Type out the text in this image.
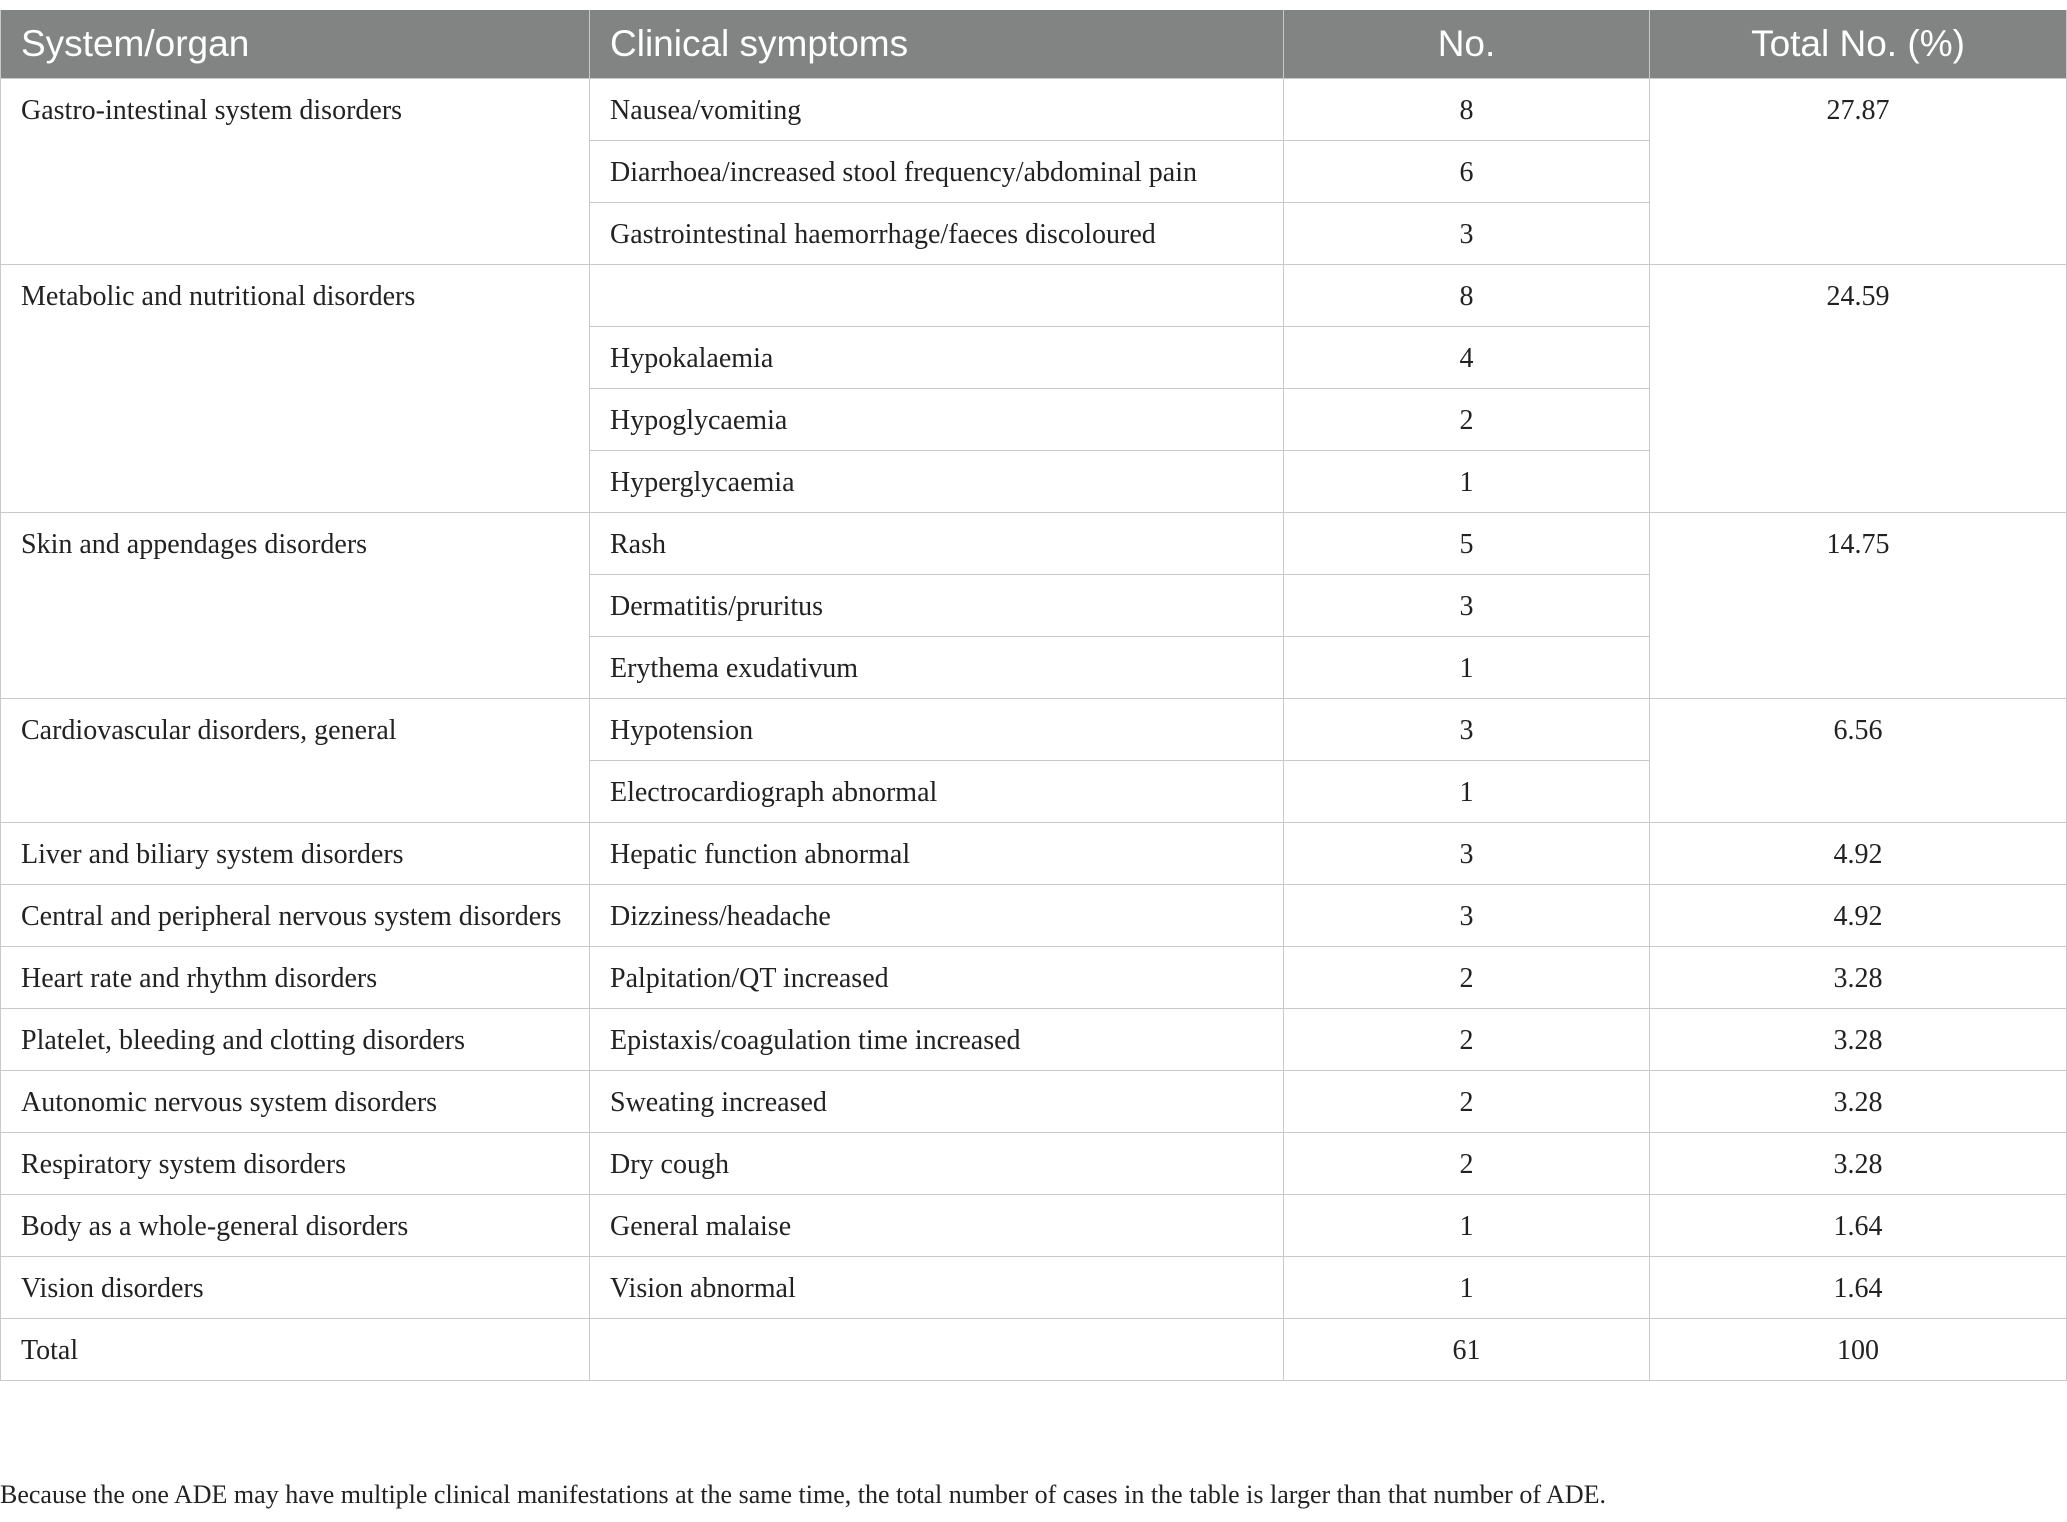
System/organ	Clinical symptoms	No.	Total No. (%)
Gastro-intestinal system disorders	Nausea/vomiting	8	27.87
	Diarrhoea/increased stool frequency/abdominal pain	6	
	Gastrointestinal haemorrhage/faeces discoloured	3	
Metabolic and nutritional disorders		8	24.59
	Hypokalaemia	4	
	Hypoglycaemia	2	
	Hyperglycaemia	1	
Skin and appendages disorders	Rash	5	14.75
	Dermatitis/pruritus	3	
	Erythema exudativum	1	
Cardiovascular disorders, general	Hypotension	3	6.56
	Electrocardiograph abnormal	1	
Liver and biliary system disorders	Hepatic function abnormal	3	4.92
Central and peripheral nervous system disorders	Dizziness/headache	3	4.92
Heart rate and rhythm disorders	Palpitation/QT increased	2	3.28
Platelet, bleeding and clotting disorders	Epistaxis/coagulation time increased	2	3.28
Autonomic nervous system disorders	Sweating increased	2	3.28
Respiratory system disorders	Dry cough	2	3.28
Body as a whole-general disorders	General malaise	1	1.64
Vision disorders	Vision abnormal	1	1.64
Total		61	100
Because the one ADE may have multiple clinical manifestations at the same time, the total number of cases in the table is larger than that number of ADE.
